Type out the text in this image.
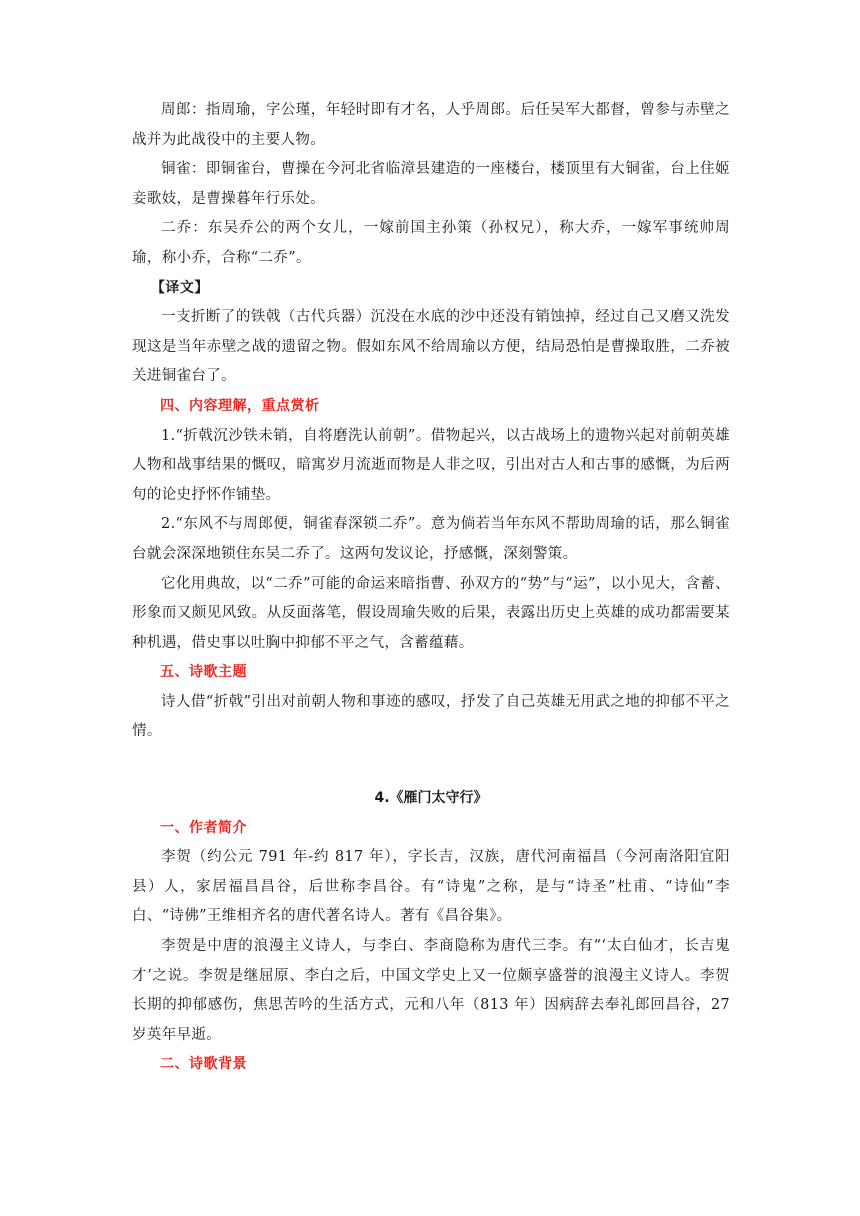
周郎：指周瑜，字公瑾，年轻时即有才名，人乎周郎。后任吴军大都督，曾参与赤壁之战并为此战役中的主要人物。

铜雀：即铜雀台，曹操在今河北省临漳县建造的一座楼台，楼顶里有大铜雀，台上住姬妾歌妓，是曹操暮年行乐处。

二乔：东吴乔公的两个女儿，一嫁前国主孙策（孙权兄），称大乔，一嫁军事统帅周瑜，称小乔，合称“二乔”。

【译文】

一支折断了的铁戟（古代兵器）沉没在水底的沙中还没有销蚀掉，经过自己又磨又洗发现这是当年赤壁之战的遗留之物。假如东风不给周瑜以方便，结局恐怕是曹操取胜，二乔被关进铜雀台了。

四、内容理解，重点赏析

1.“折戟沉沙铁未销，自将磨洗认前朝”。借物起兴，以古战场上的遗物兴起对前朝英雄人物和战事结果的慨叹，暗寓岁月流逝而物是人非之叹，引出对古人和古事的感慨，为后两句的论史抒怀作铺垫。

2.“东风不与周郎便，铜雀春深锁二乔”。意为倘若当年东风不帮助周瑜的话，那么铜雀台就会深深地锁住东吴二乔了。这两句发议论，抒感慨，深刻警策。

它化用典故，以“二乔”可能的命运来暗指曹、孙双方的“势”与“运”，以小见大，含蓄、形象而又颇见风致。从反面落笔，假设周瑜失败的后果，表露出历史上英雄的成功都需要某种机遇，借史事以吐胸中抑郁不平之气，含蓄蕴藉。

五、诗歌主题

诗人借“折戟”引出对前朝人物和事迹的感叹，抒发了自己英雄无用武之地的抑郁不平之情。

4.《雁门太守行》
一、作者简介

李贺（约公元 791 年-约 817 年），字长吉，汉族，唐代河南福昌（今河南洛阳宜阳县）人，家居福昌昌谷，后世称李昌谷。有“诗鬼”之称，是与“诗圣”杜甫、“诗仙”李白、“诗佛”王维相齐名的唐代著名诗人。著有《昌谷集》。

李贺是中唐的浪漫主义诗人，与李白、李商隐称为唐代三李。有“‘太白仙才，长吉鬼才’之说。李贺是继屈原、李白之后，中国文学史上又一位颇享盛誉的浪漫主义诗人。李贺长期的抑郁感伤，焦思苦吟的生活方式，元和八年（813 年）因病辞去奉礼郎回昌谷，27 岁英年早逝。

二、诗歌背景
